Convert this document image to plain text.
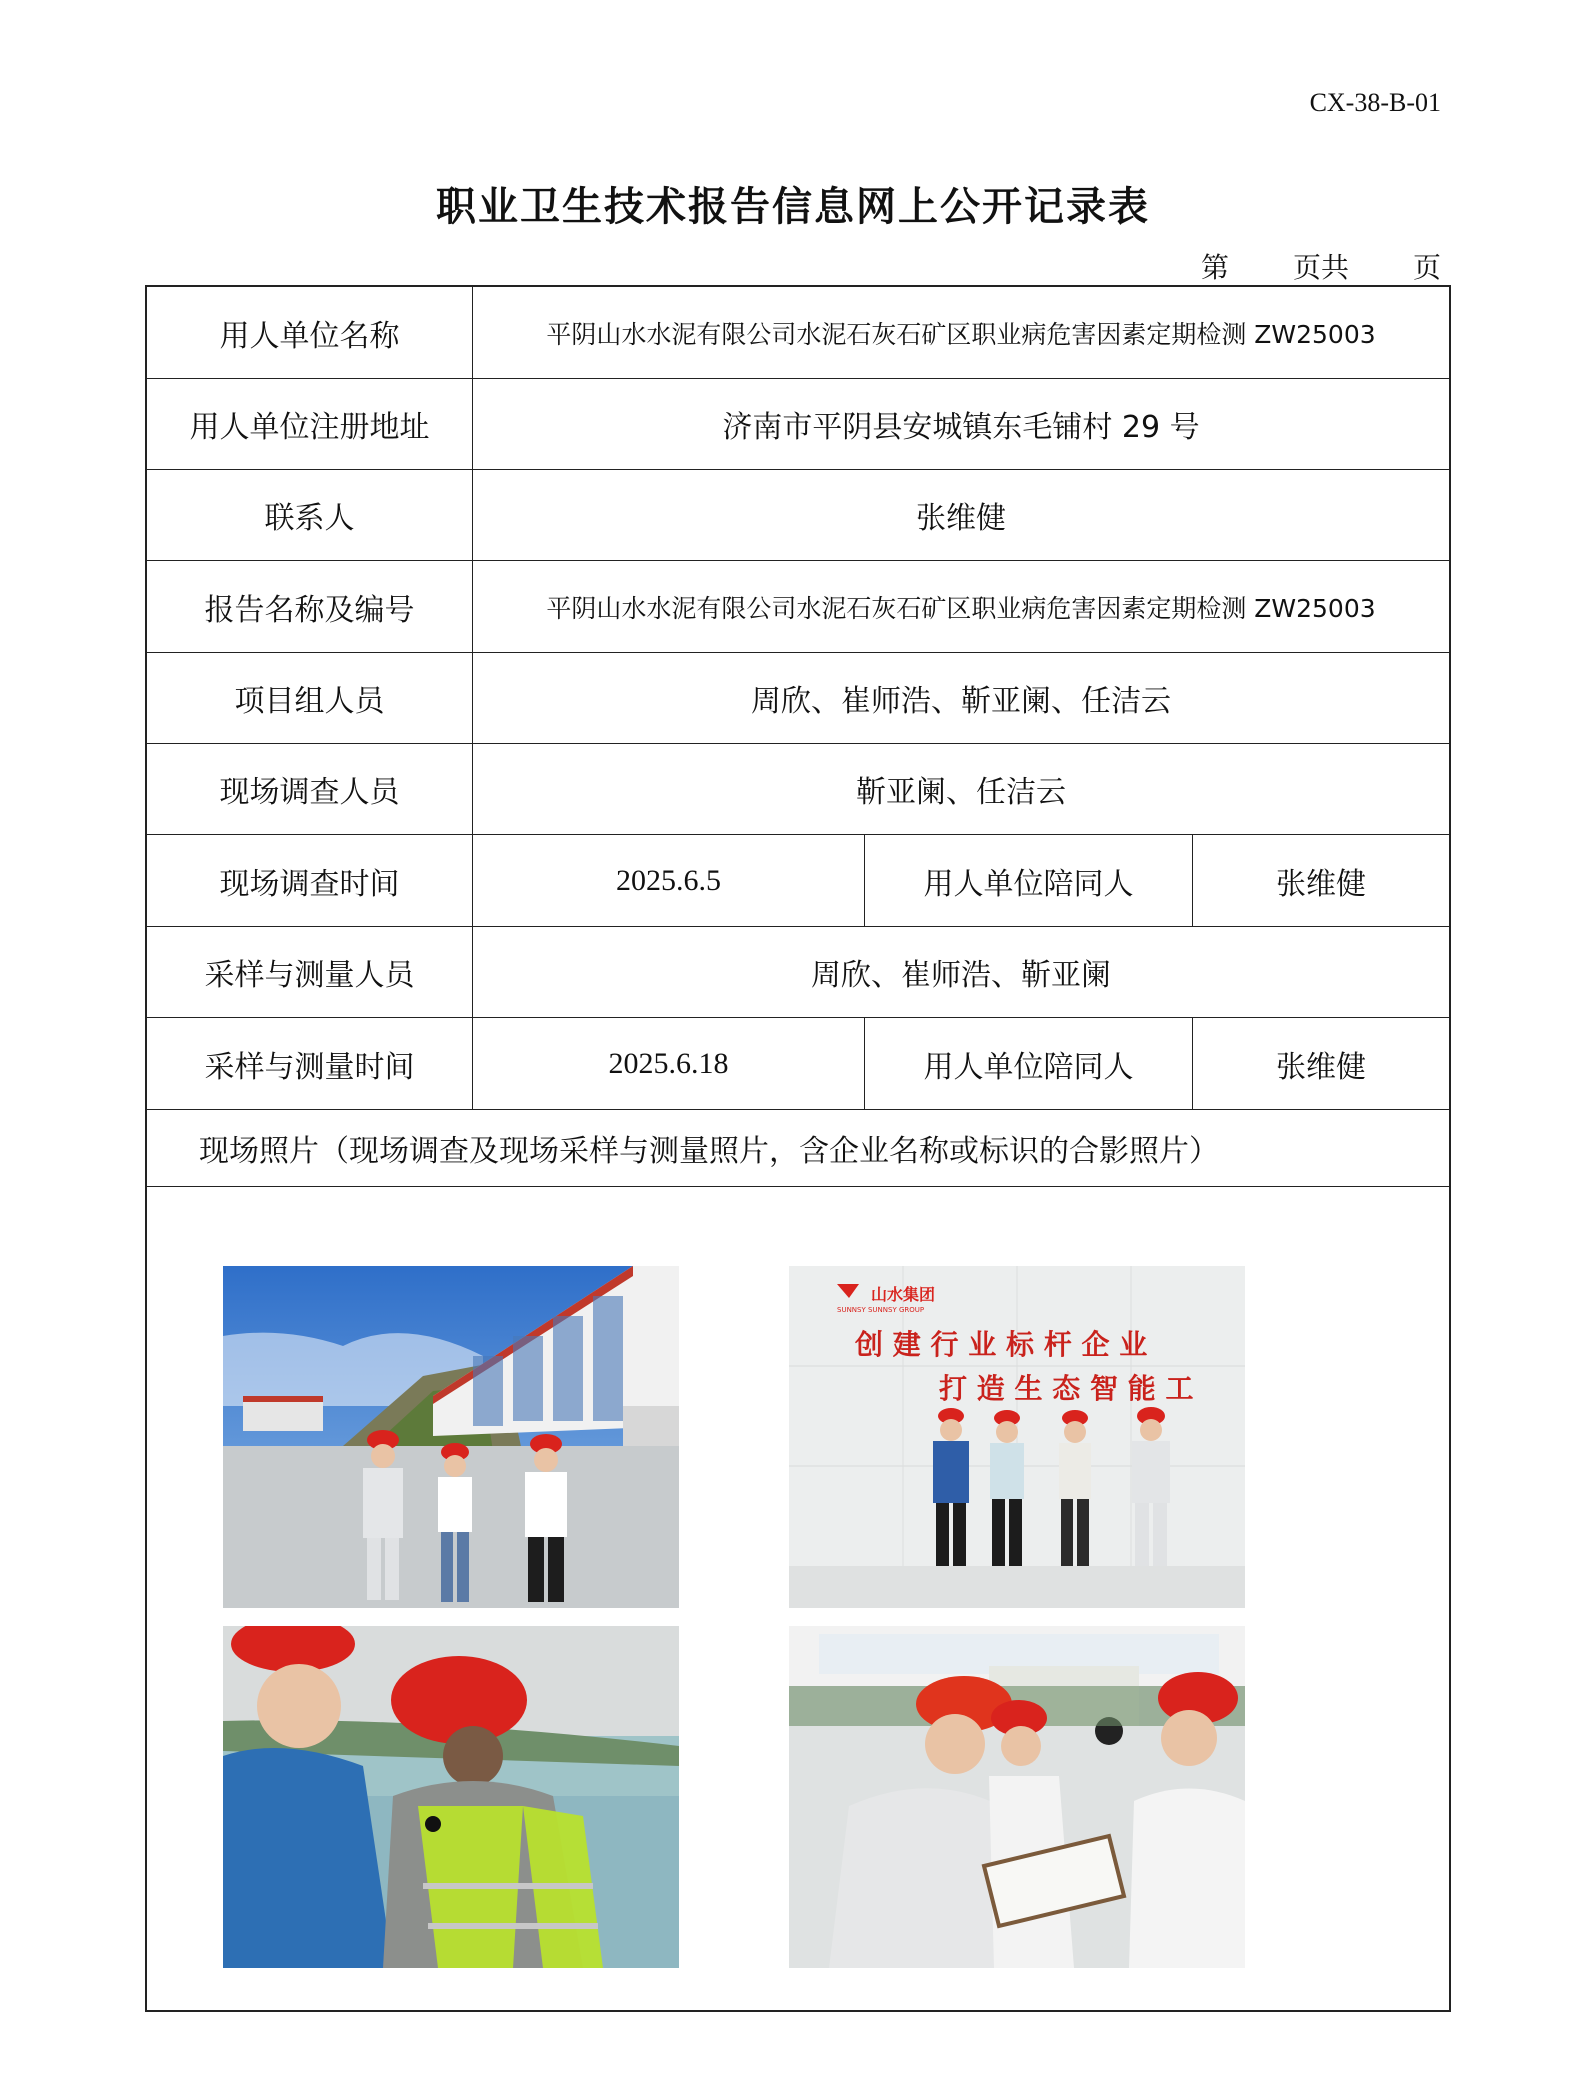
CX-38-B-01
职业卫生技术报告信息网上公开记录表
第 页 共 页
用人单位名称	平阴山水水泥有限公司水泥石灰石矿区职业病危害因素定期检测 ZW25003
用人单位注册地址	济南市平阴县安城镇东毛铺村 29 号
联系人	张维健
报告名称及编号	平阴山水水泥有限公司水泥石灰石矿区职业病危害因素定期检测 ZW25003
项目组人员	周欣、崔师浩、靳亚阑、任洁云
现场调查人员	靳亚阑、任洁云
现场调查时间	2025.6.5	用人单位陪同人	张维健
采样与测量人员	周欣、崔师浩、靳亚阑
采样与测量时间	2025.6.18	用人单位陪同人	张维健
现场照片（现场调查及现场采样与测量照片，含企业名称或标识的合影照片）
山水集团
SUNNSY SUNNSY GROUP
创 建 行 业 标 杆 企 业
打 造 生 态 智 能 工
